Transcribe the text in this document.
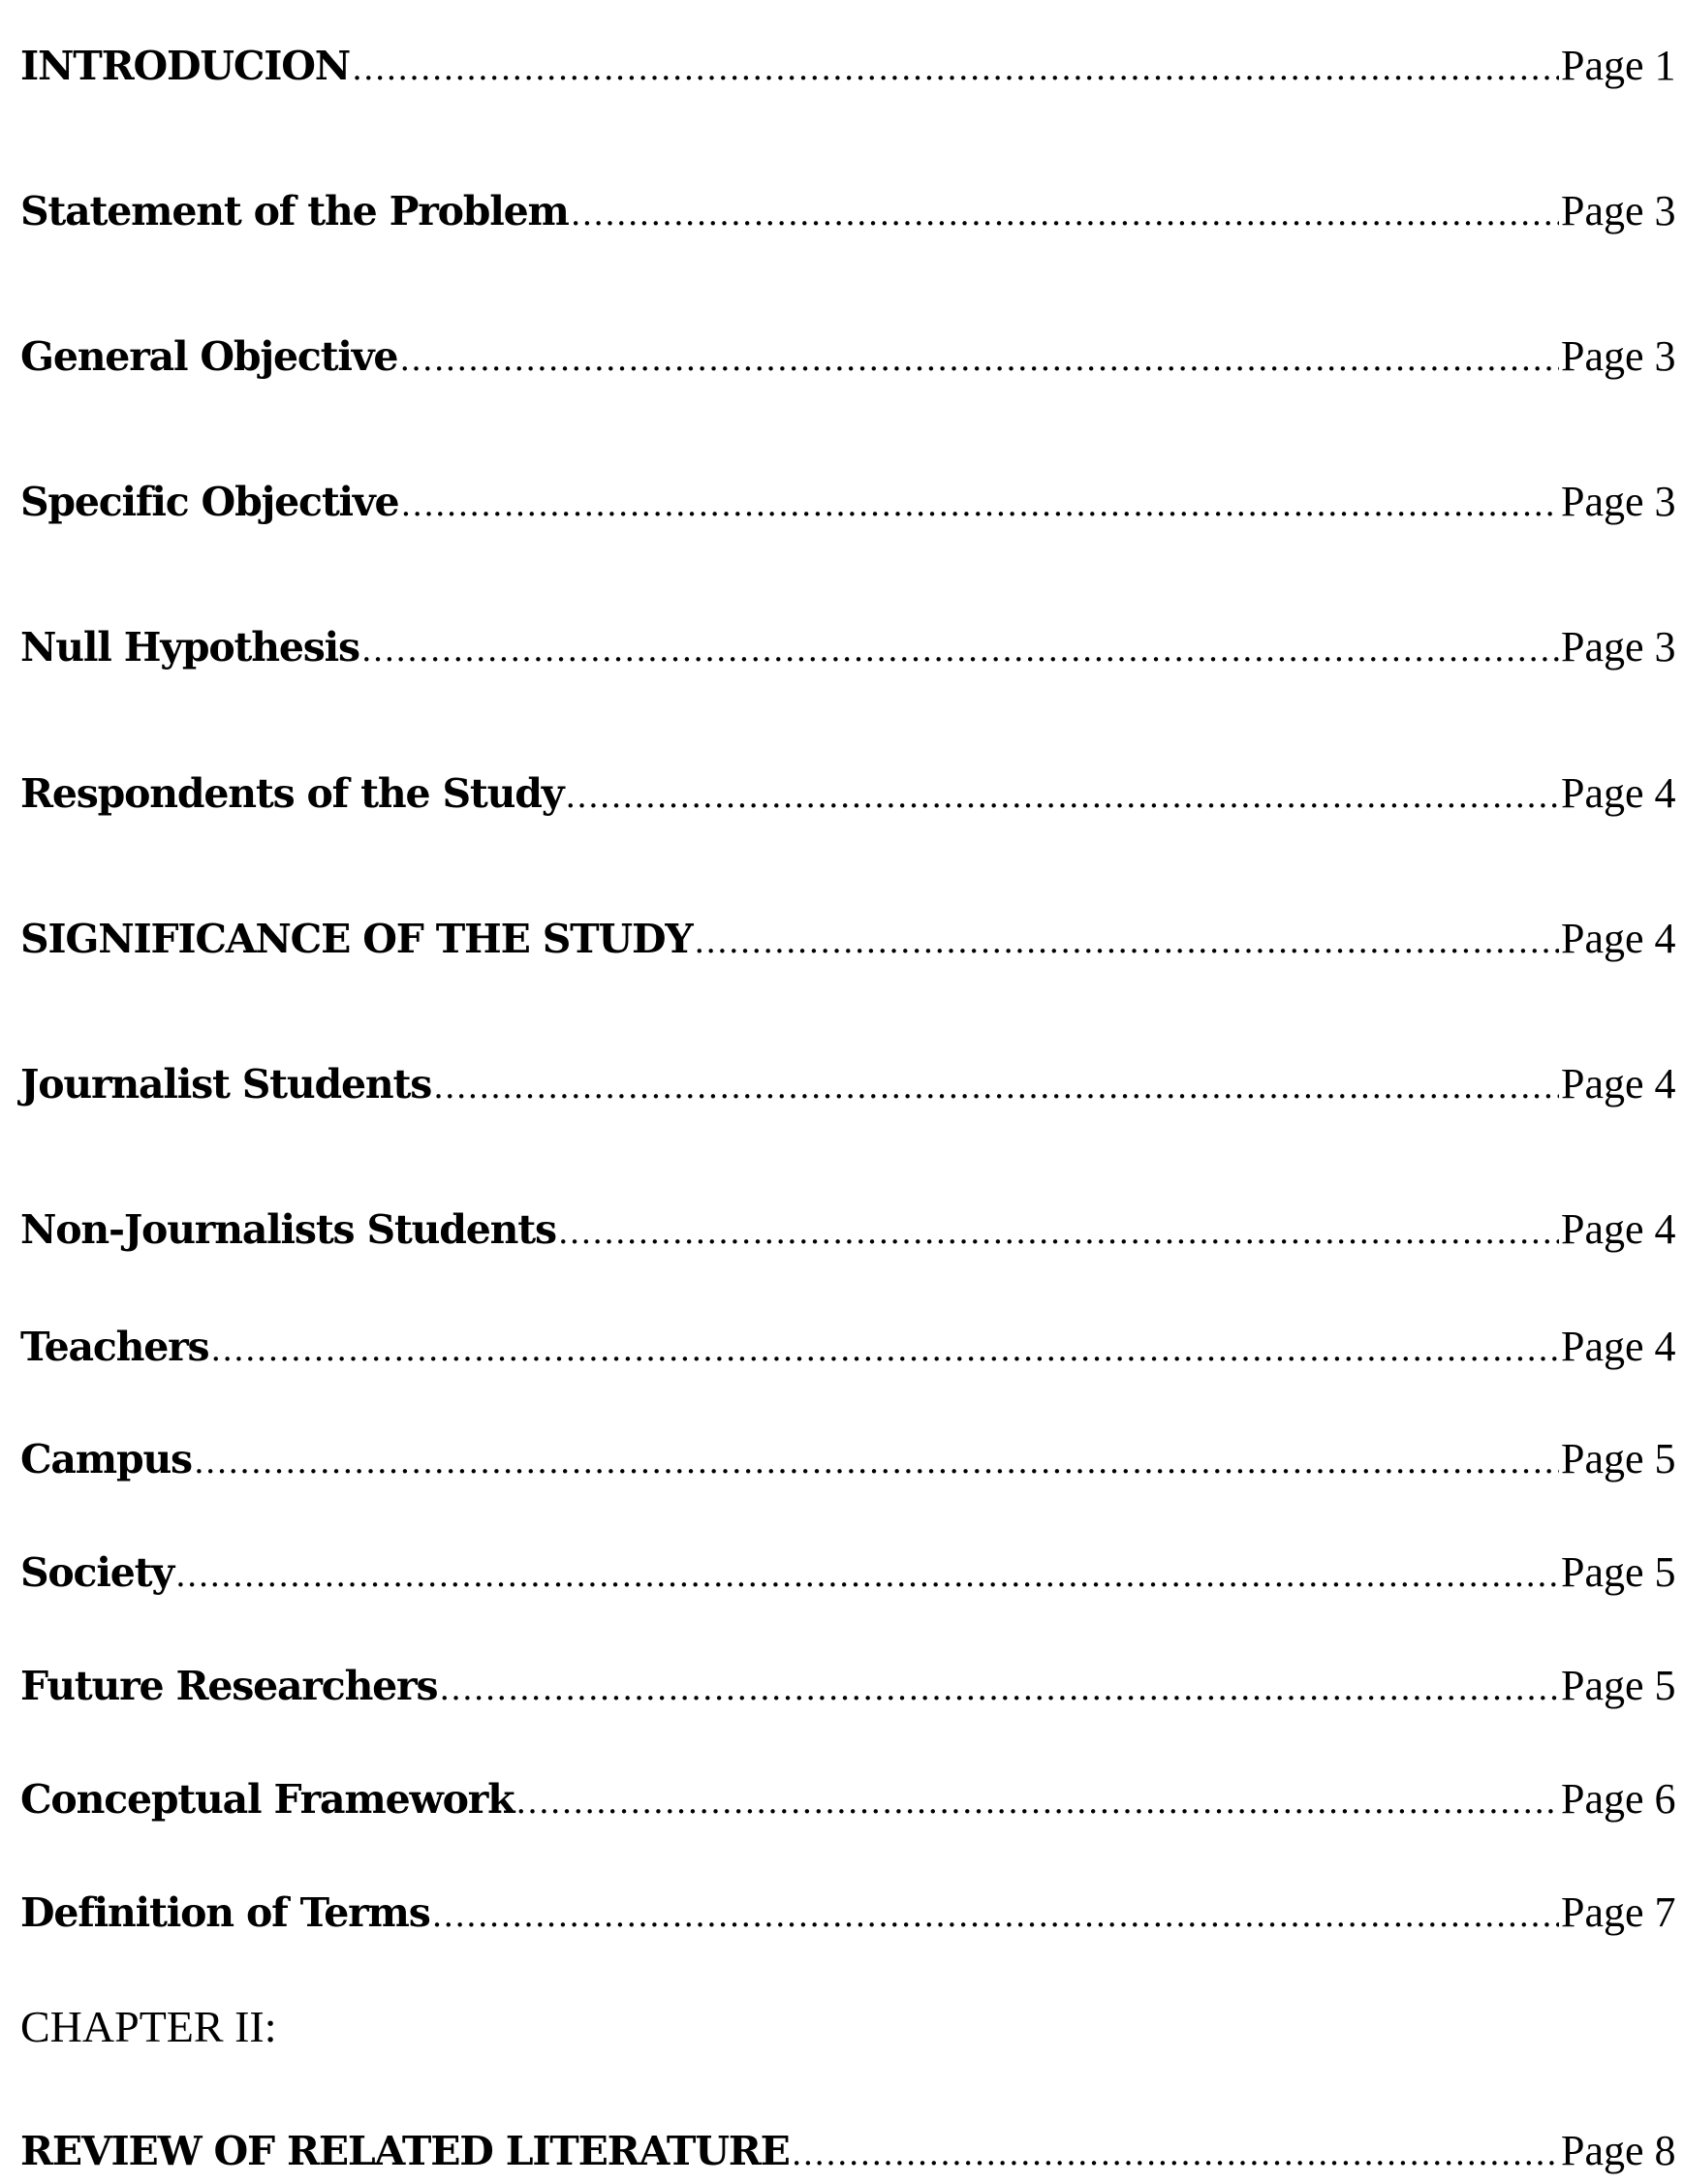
INTRODUCION .....	Page 1
Statement of the Problem .....	Page 3
General Objective .....	Page 3
Specific Objective .....	Page 3
Null Hypothesis .....	Page 3
Respondents of the Study .....	Page 4
SIGNIFICANCE OF THE STUDY .....	Page 4
Journalist Students .....	Page 4
Non-Journalists Students .....	Page 4
Teachers .....	Page 4
Campus .....	Page 5
Society .....	Page 5
Future Researchers .....	Page 5
Conceptual Framework .....	Page 6
Definition of Terms .....	Page 7
CHAPTER II:
REVIEW OF RELATED LITERATURE .....	Page 8
